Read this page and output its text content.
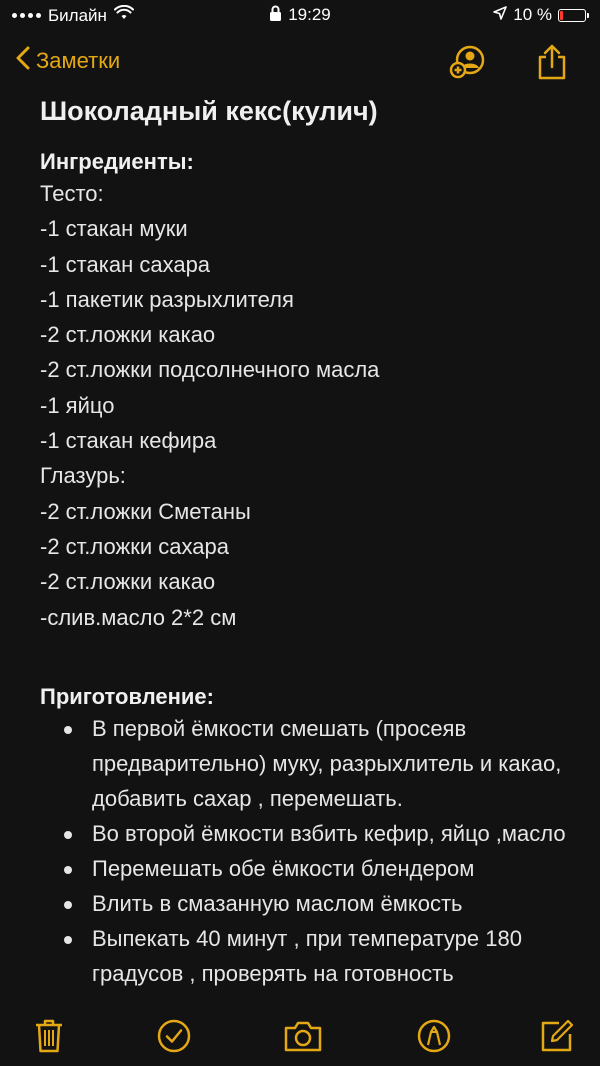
Билайн	19:29	10 %
Заметки
Шоколадный кекс(кулич)

Ингредиенты:

Тесто:

-1 стакан муки

-1 стакан сахара

-1 пакетик разрыхлителя

-2 ст.ложки какао

-2 ст.ложки подсолнечного масла

-1 яйцо

-1 стакан кефира

Глазурь:

-2 ст.ложки Сметаны

-2 ст.ложки сахара

-2 ст.ложки какао

-слив.масло 2*2 см

Приготовление:

В первой ёмкости смешать (просеяв предварительно) муку, разрыхлитель и какао, добавить сахар , перемешать.
Во второй ёмкости взбить кефир, яйцо ,масло
Перемешать обе ёмкости блендером
Влить в смазанную маслом ёмкость
Выпекать 40 минут , при температуре 180 градусов , проверять на готовность
